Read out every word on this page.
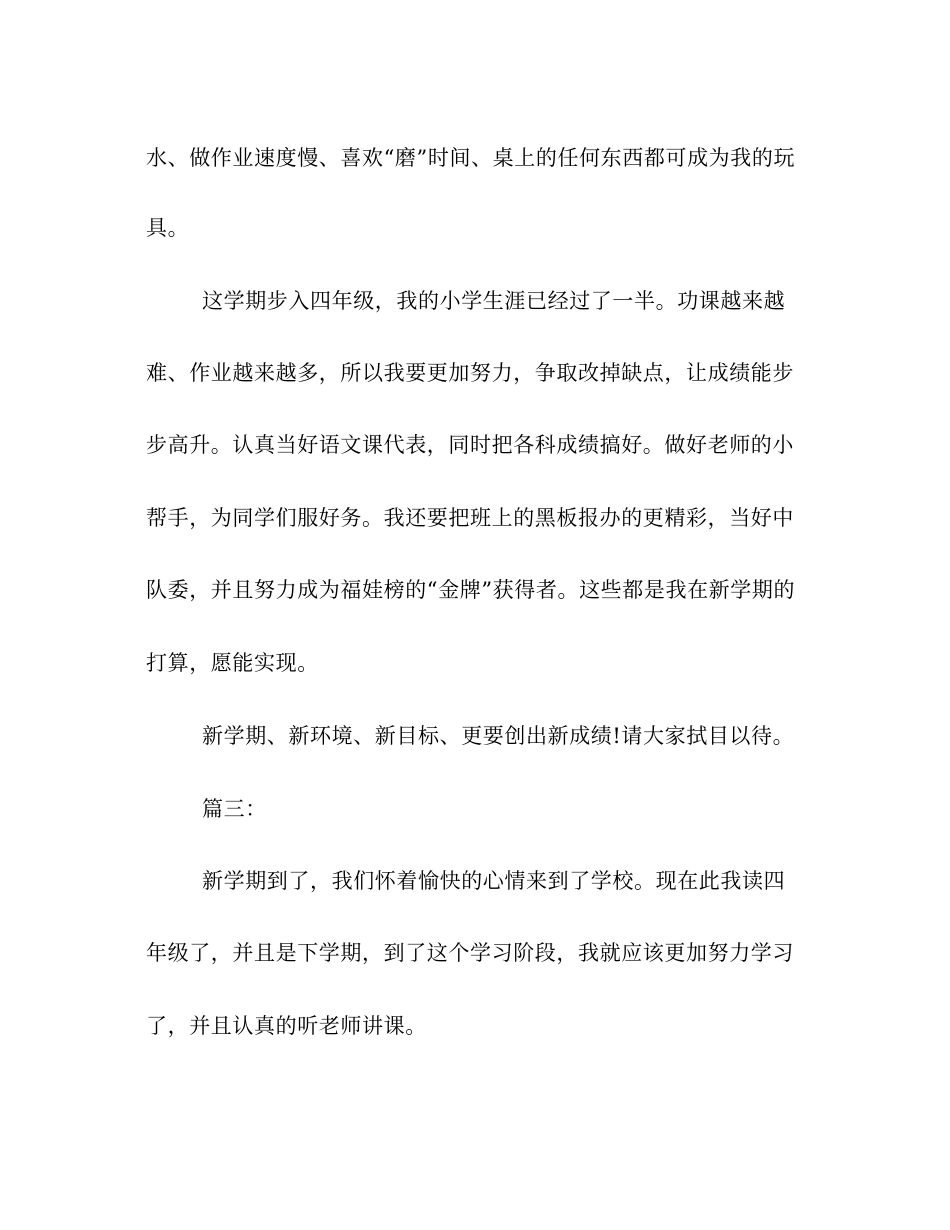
水、做作业速度慢、喜欢“磨”时间、桌上的任何东西都可成为我的玩
具。
这学期步入四年级，我的小学生涯已经过了一半。功课越来越
难、作业越来越多，所以我要更加努力，争取改掉缺点，让成绩能步
步高升。认真当好语文课代表，同时把各科成绩搞好。做好老师的小
帮手，为同学们服好务。我还要把班上的黑板报办的更精彩，当好中
队委，并且努力成为福娃榜的“金牌”获得者。这些都是我在新学期的
打算，愿能实现。
新学期、新环境、新目标、更要创出新成绩!请大家拭目以待。
篇三：
新学期到了，我们怀着愉快的心情来到了学校。现在此我读四
年级了，并且是下学期，到了这个学习阶段，我就应该更加努力学习
了，并且认真的听老师讲课。
